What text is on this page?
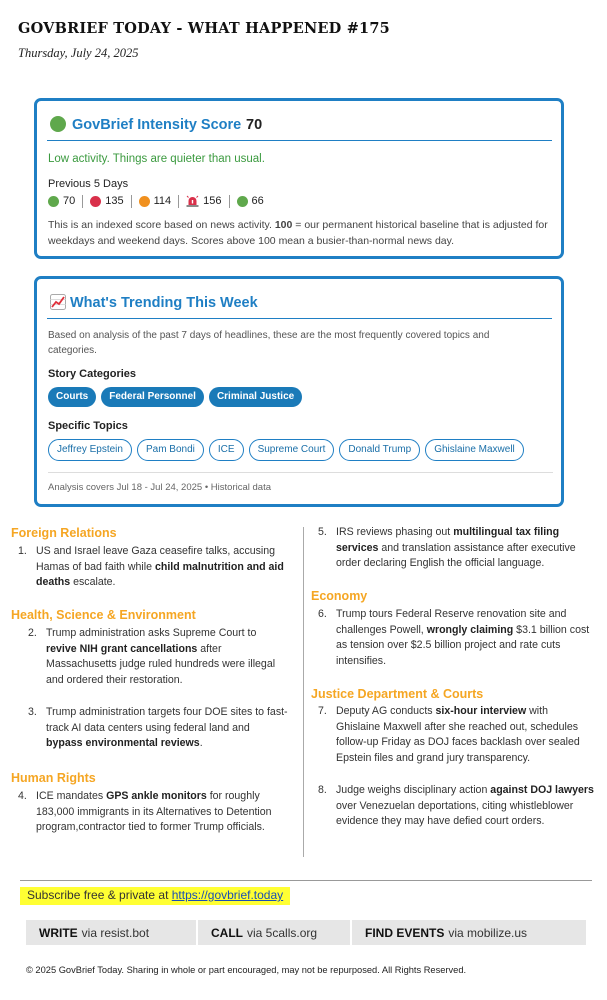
GOVBRIEF TODAY - WHAT HAPPENED #175
Thursday, July 24, 2025
GovBrief Intensity Score 70
Low activity. Things are quieter than usual.
Previous 5 Days
70	135	114	156	66
This is an indexed score based on news activity. 100 = our permanent historical baseline that is adjusted for weekdays and weekend days. Scores above 100 mean a busier-than-normal news day.
What's Trending This Week
Based on analysis of the past 7 days of headlines, these are the most frequently covered topics and categories.
Story Categories
Courts	Federal Personnel	Criminal Justice
Specific Topics
Jeffrey Epstein	Pam Bondi	ICE	Supreme Court	Donald Trump	Ghislaine Maxwell
Analysis covers Jul 18 - Jul 24, 2025 • Historical data
Foreign Relations
1. US and Israel leave Gaza ceasefire talks, accusing Hamas of bad faith while child malnutrition and aid deaths escalate.
Health, Science & Environment
2. Trump administration asks Supreme Court to revive NIH grant cancellations after Massachusetts judge ruled hundreds were illegal and ordered their restoration.
3. Trump administration targets four DOE sites to fast-track AI data centers using federal land and bypass environmental reviews.
Human Rights
4. ICE mandates GPS ankle monitors for roughly 183,000 immigrants in its Alternatives to Detention program,contractor tied to former Trump officials.
5. IRS reviews phasing out multilingual tax filing services and translation assistance after executive order declaring English the official language.
Economy
6. Trump tours Federal Reserve renovation site and challenges Powell, wrongly claiming $3.1 billion cost as tension over $2.5 billion project and rate cuts intensifies.
Justice Department & Courts
7. Deputy AG conducts six-hour interview with Ghislaine Maxwell after she reached out, schedules follow-up Friday as DOJ faces backlash over sealed Epstein files and grand jury transparency.
8. Judge weighs disciplinary action against DOJ lawyers over Venezuelan deportations, citing whistleblower evidence they may have defied court orders.
Subscribe free & private at https://govbrief.today
WRITE via resist.bot	CALL via 5calls.org	FIND EVENTS via mobilize.us
© 2025 GovBrief Today. Sharing in whole or part encouraged, may not be repurposed. All Rights Reserved.
